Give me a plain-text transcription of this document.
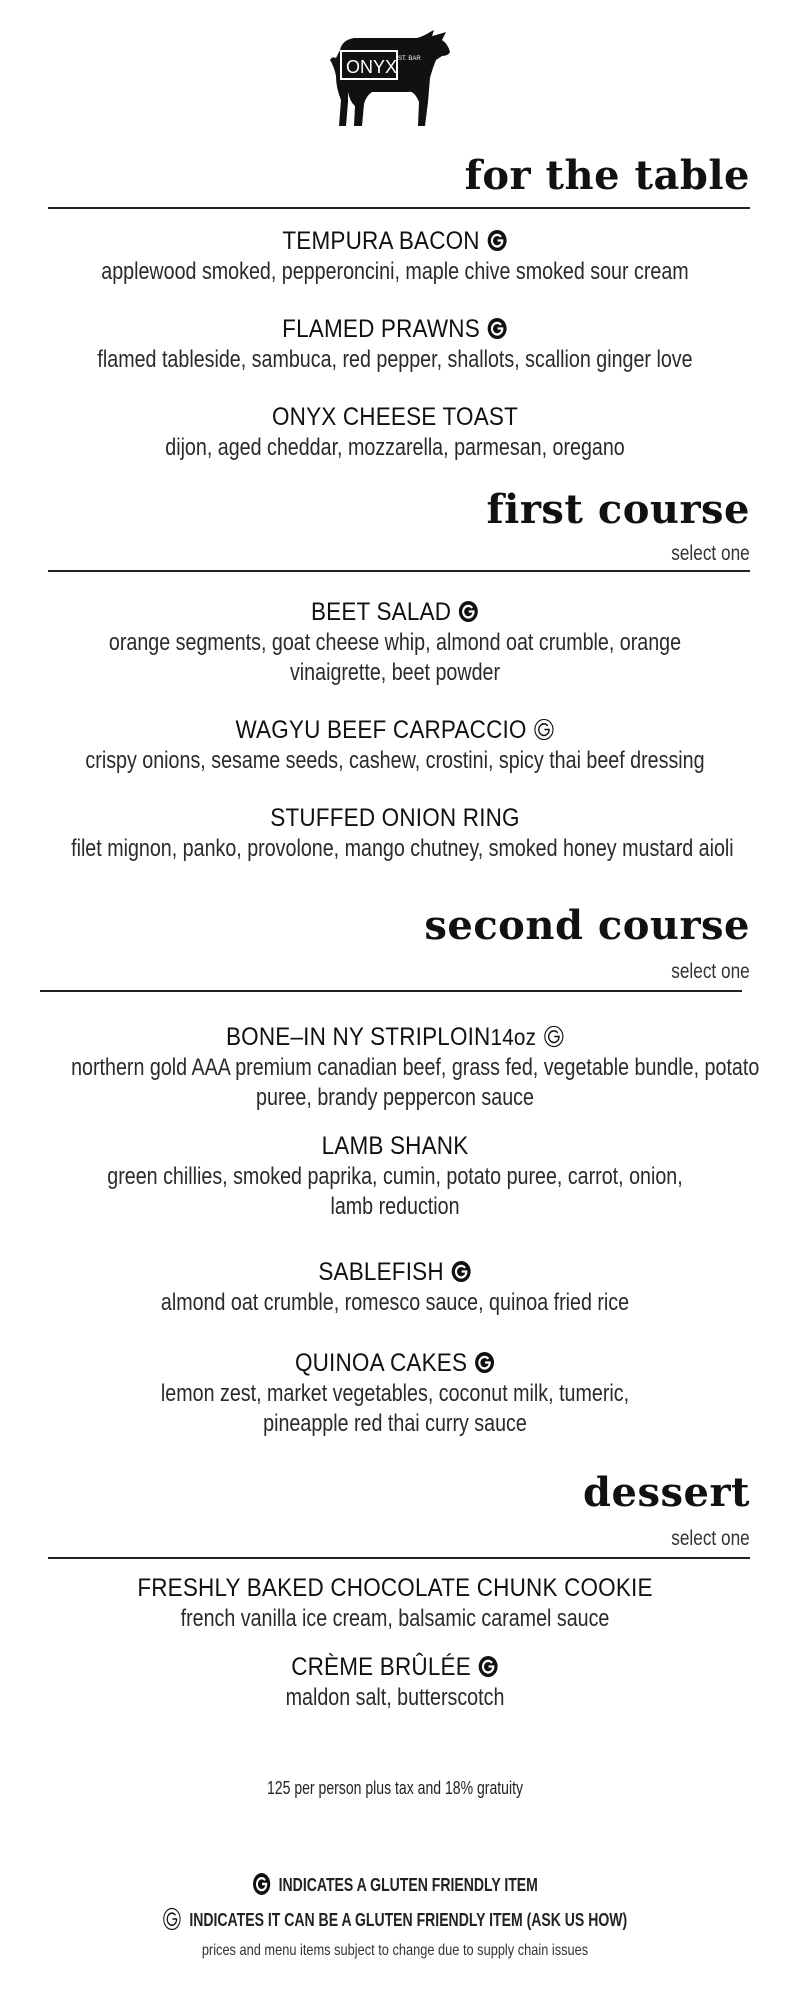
ONYX ST. BAR
for the table
TEMPURA BACON
applewood smoked, pepperoncini, maple chive smoked sour cream
FLAMED PRAWNS
flamed tableside, sambuca, red pepper, shallots, scallion ginger love
ONYX CHEESE TOAST
dijon, aged cheddar, mozzarella, parmesan, oregano
first course
select one
BEET SALAD
orange segments, goat cheese whip, almond oat crumble, orange
vinaigrette, beet powder
WAGYU BEEF CARPACCIO
crispy onions, sesame seeds, cashew, crostini, spicy thai beef dressing
STUFFED ONION RING
filet mignon, panko, provolone, mango chutney, smoked honey mustard aioli
second course
select one
BONE–IN NY STRIPLOIN14oz
northern gold AAA premium canadian beef, grass fed, vegetable bundle, potato
puree, brandy peppercon sauce
LAMB SHANK
green chillies, smoked paprika, cumin, potato puree, carrot, onion,
lamb reduction
SABLEFISH
almond oat crumble, romesco sauce, quinoa fried rice
QUINOA CAKES
lemon zest, market vegetables, coconut milk, tumeric,
pineapple red thai curry sauce
dessert
select one
FRESHLY BAKED CHOCOLATE CHUNK COOKIE
french vanilla ice cream, balsamic caramel sauce
CRÈME BRÛLÉE
maldon salt, butterscotch
125 per person plus tax and 18% gratuity
INDICATES A GLUTEN FRIENDLY ITEM
INDICATES IT CAN BE A GLUTEN FRIENDLY ITEM (ASK US HOW)
prices and menu items subject to change due to supply chain issues
